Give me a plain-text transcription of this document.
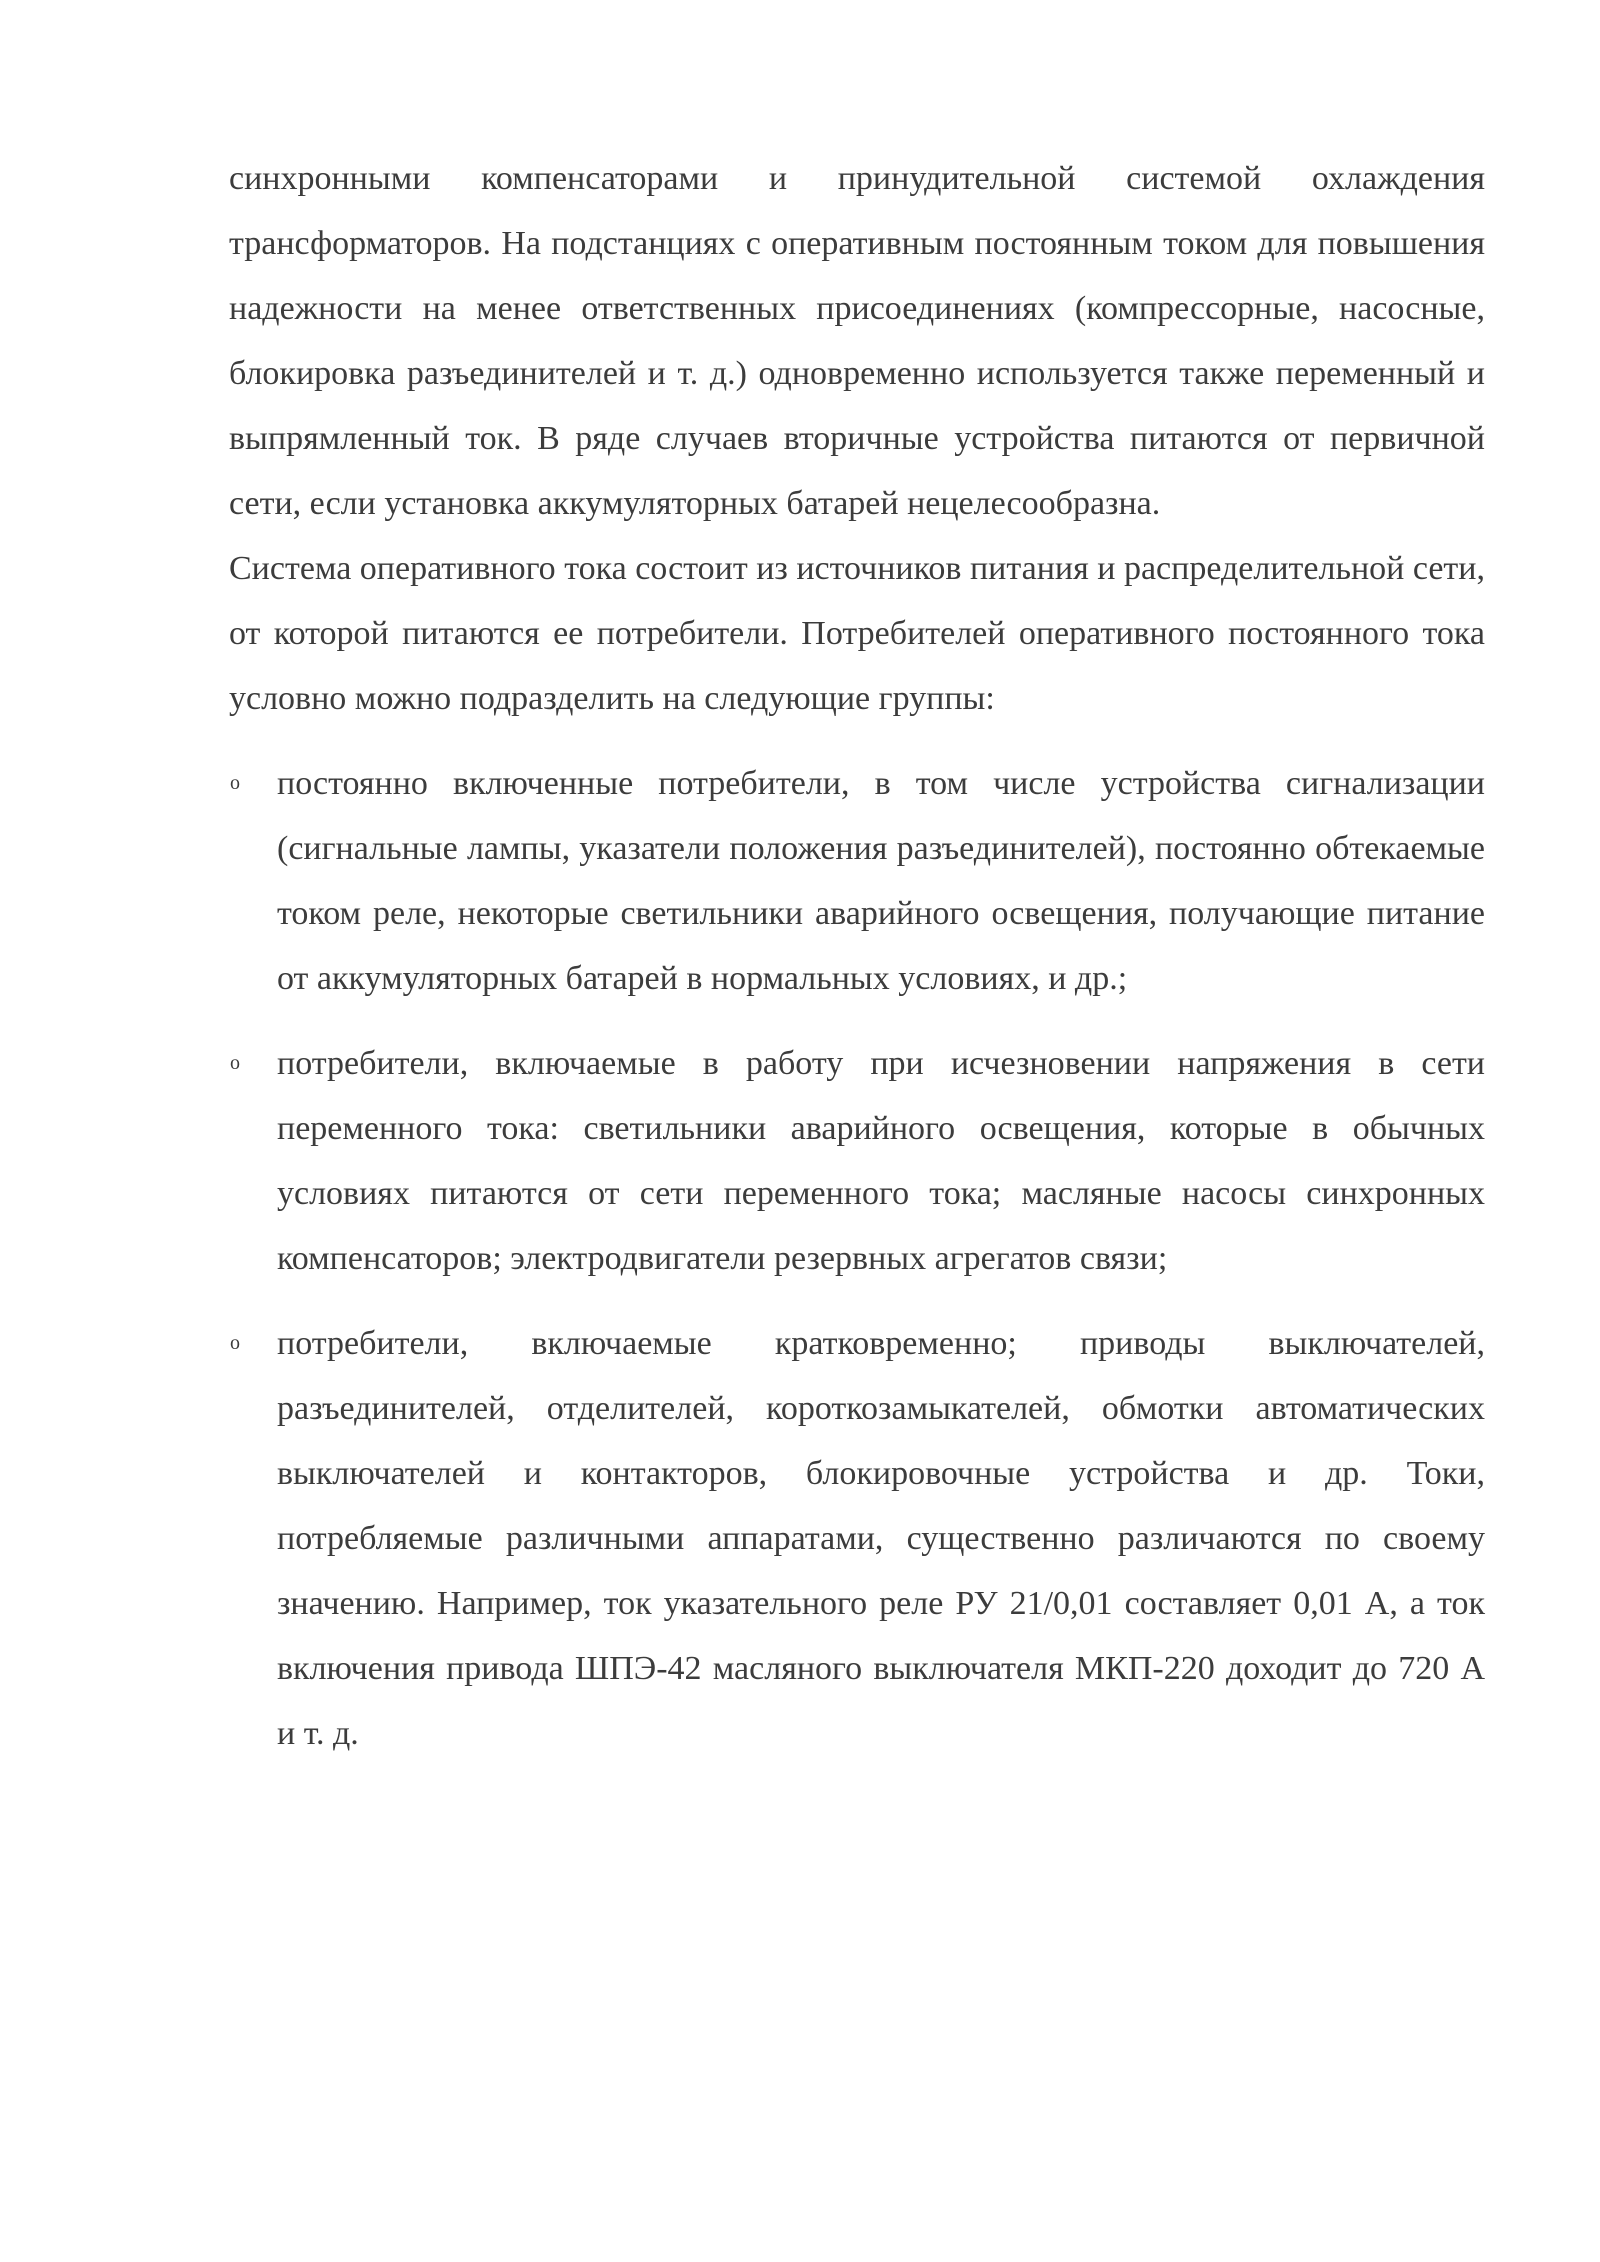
синхронными компенсаторами и принудительной системой охлаждения трансформаторов. На подстанциях с оперативным постоянным током для повышения надежности на менее ответственных присоединениях (компрессорные, насосные, блокировка разъединителей и т. д.) одновременно используется также переменный и выпрямленный ток. В ряде случаев вторичные устройства питаются от первичной сети, если установка аккумуляторных батарей нецелесообразна.

Система оперативного тока состоит из источников питания и распределительной сети, от которой питаются ее потребители. Потребителей оперативного постоянного тока условно можно подразделить на следующие группы:

o постоянно включенные потребители, в том числе устройства сигнализации (сигнальные лампы, указатели положения разъединителей), постоянно обтекаемые током реле, некоторые светильники аварийного освещения, получающие питание от аккумуляторных батарей в нормальных условиях, и др.;
o потребители, включаемые в работу при исчезновении напряжения в сети переменного тока: светильники аварийного освещения, которые в обычных условиях питаются от сети переменного тока; масляные насосы синхронных компенсаторов; электродвигатели резервных агрегатов связи;
o потребители, включаемые кратковременно; приводы выключателей, разъединителей, отделителей, короткозамыкателей, обмотки автоматических выключателей и контакторов, блокировочные устройства и др. Токи, потребляемые различными аппаратами, существенно различаются по своему значению. Например, ток указательного реле РУ 21/0,01 составляет 0,01 А, а ток включения привода ШПЭ-42 масляного выключателя МКП-220 доходит до 720 А и т. д.
